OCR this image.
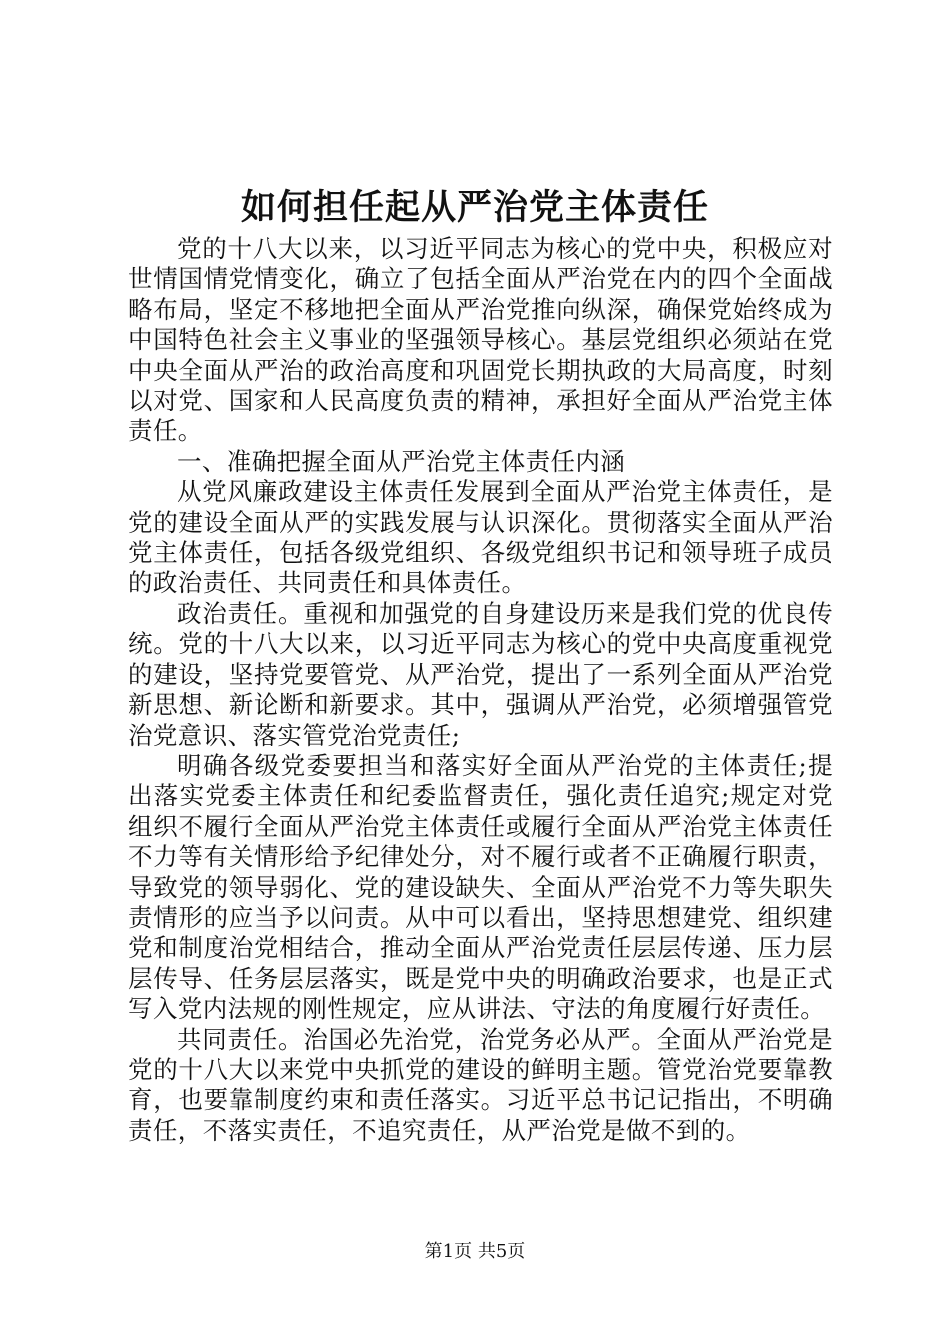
如何担任起从严治党主体责任

党的十八大以来，以习近平同志为核心的党中央，积极应对世情国情党情变化，确立了包括全面从严治党在内的四个全面战略布局，坚定不移地把全面从严治党推向纵深，确保党始终成为中国特色社会主义事业的坚强领导核心。基层党组织必须站在党中央全面从严治的政治高度和巩固党长期执政的大局高度，时刻以对党、国家和人民高度负责的精神，承担好全面从严治党主体责任。

一、准确把握全面从严治党主体责任内涵

从党风廉政建设主体责任发展到全面从严治党主体责任，是党的建设全面从严的实践发展与认识深化。贯彻落实全面从严治党主体责任，包括各级党组织、各级党组织书记和领导班子成员的政治责任、共同责任和具体责任。

政治责任。重视和加强党的自身建设历来是我们党的优良传统。党的十八大以来，以习近平同志为核心的党中央高度重视党的建设，坚持党要管党、从严治党，提出了一系列全面从严治党新思想、新论断和新要求。其中，强调从严治党，必须增强管党治党意识、落实管党治党责任;

明确各级党委要担当和落实好全面从严治党的主体责任;提出落实党委主体责任和纪委监督责任，强化责任追究;规定对党组织不履行全面从严治党主体责任或履行全面从严治党主体责任不力等有关情形给予纪律处分，对不履行或者不正确履行职责，导致党的领导弱化、党的建设缺失、全面从严治党不力等失职失责情形的应当予以问责。从中可以看出，坚持思想建党、组织建党和制度治党相结合，推动全面从严治党责任层层传递、压力层层传导、任务层层落实，既是党中央的明确政治要求，也是正式写入党内法规的刚性规定，应从讲法、守法的角度履行好责任。

共同责任。治国必先治党，治党务必从严。全面从严治党是党的十八大以来党中央抓党的建设的鲜明主题。管党治党要靠教育，也要靠制度约束和责任落实。习近平总书记记指出，不明确责任，不落实责任，不追究责任，从严治党是做不到的。

第1页 共5页
